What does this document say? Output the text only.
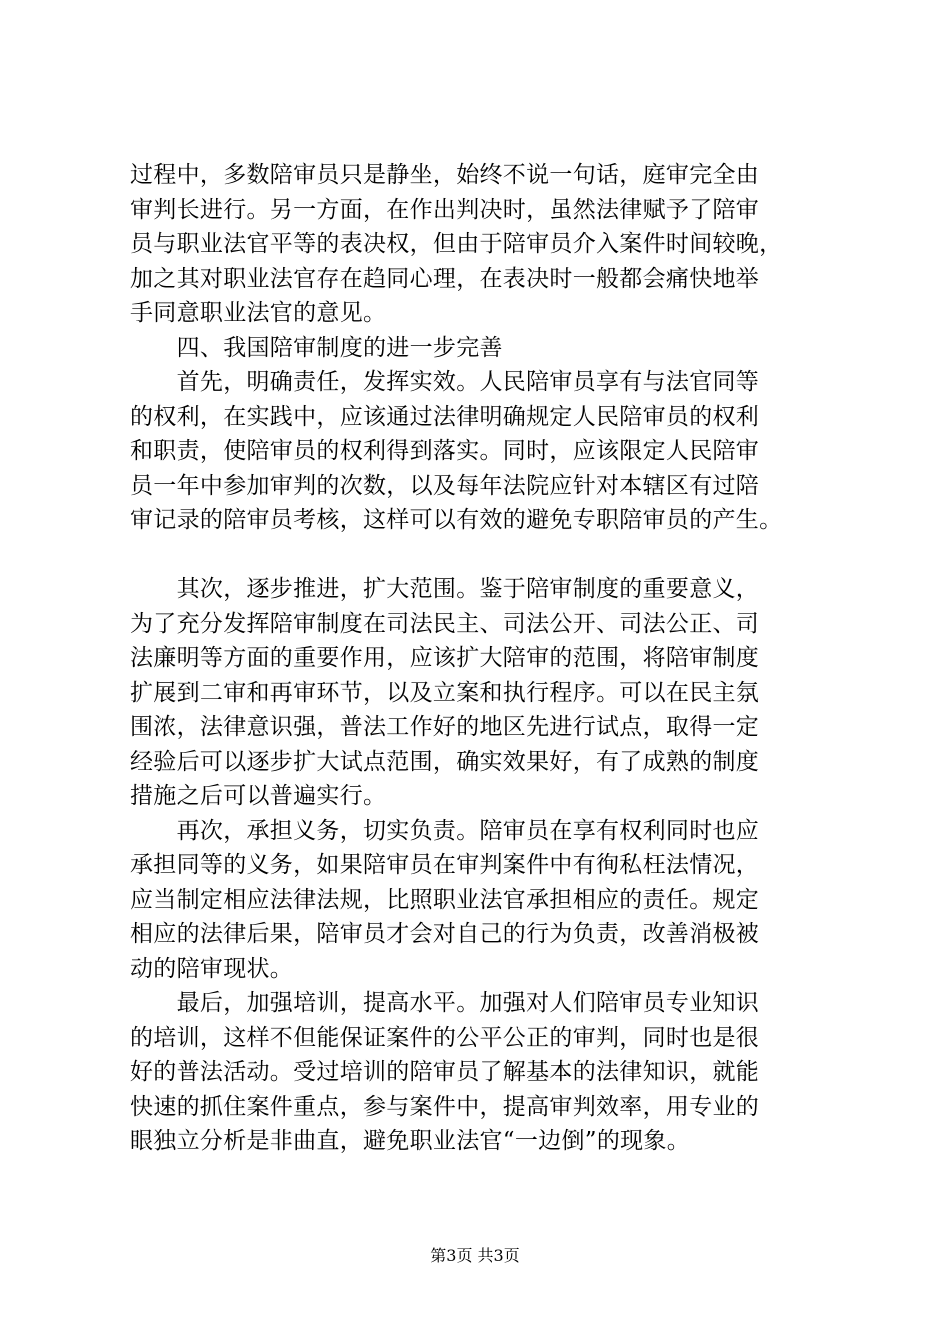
过程中，多数陪审员只是静坐，始终不说一句话，庭审完全由
审判长进行。另一方面，在作出判决时，虽然法律赋予了陪审
员与职业法官平等的表决权，但由于陪审员介入案件时间较晚，
加之其对职业法官存在趋同心理，在表决时一般都会痛快地举
手同意职业法官的意见。
　　四、我国陪审制度的进一步完善
　　首先，明确责任，发挥实效。人民陪审员享有与法官同等
的权利，在实践中，应该通过法律明确规定人民陪审员的权利
和职责，使陪审员的权利得到落实。同时，应该限定人民陪审
员一年中参加审判的次数，以及每年法院应针对本辖区有过陪
审记录的陪审员考核，这样可以有效的避免专职陪审员的产生。
　　其次，逐步推进，扩大范围。鉴于陪审制度的重要意义，
为了充分发挥陪审制度在司法民主、司法公开、司法公正、司
法廉明等方面的重要作用，应该扩大陪审的范围，将陪审制度
扩展到二审和再审环节，以及立案和执行程序。可以在民主氛
围浓，法律意识强，普法工作好的地区先进行试点，取得一定
经验后可以逐步扩大试点范围，确实效果好，有了成熟的制度
措施之后可以普遍实行。
　　再次，承担义务，切实负责。陪审员在享有权利同时也应
承担同等的义务，如果陪审员在审判案件中有徇私枉法情况，
应当制定相应法律法规，比照职业法官承担相应的责任。规定
相应的法律后果，陪审员才会对自己的行为负责，改善消极被
动的陪审现状。
　　最后，加强培训，提高水平。加强对人们陪审员专业知识
的培训，这样不但能保证案件的公平公正的审判，同时也是很
好的普法活动。受过培训的陪审员了解基本的法律知识，就能
快速的抓住案件重点，参与案件中，提高审判效率，用专业的
眼独立分析是非曲直，避免职业法官“一边倒”的现象。
第3页 共3页
